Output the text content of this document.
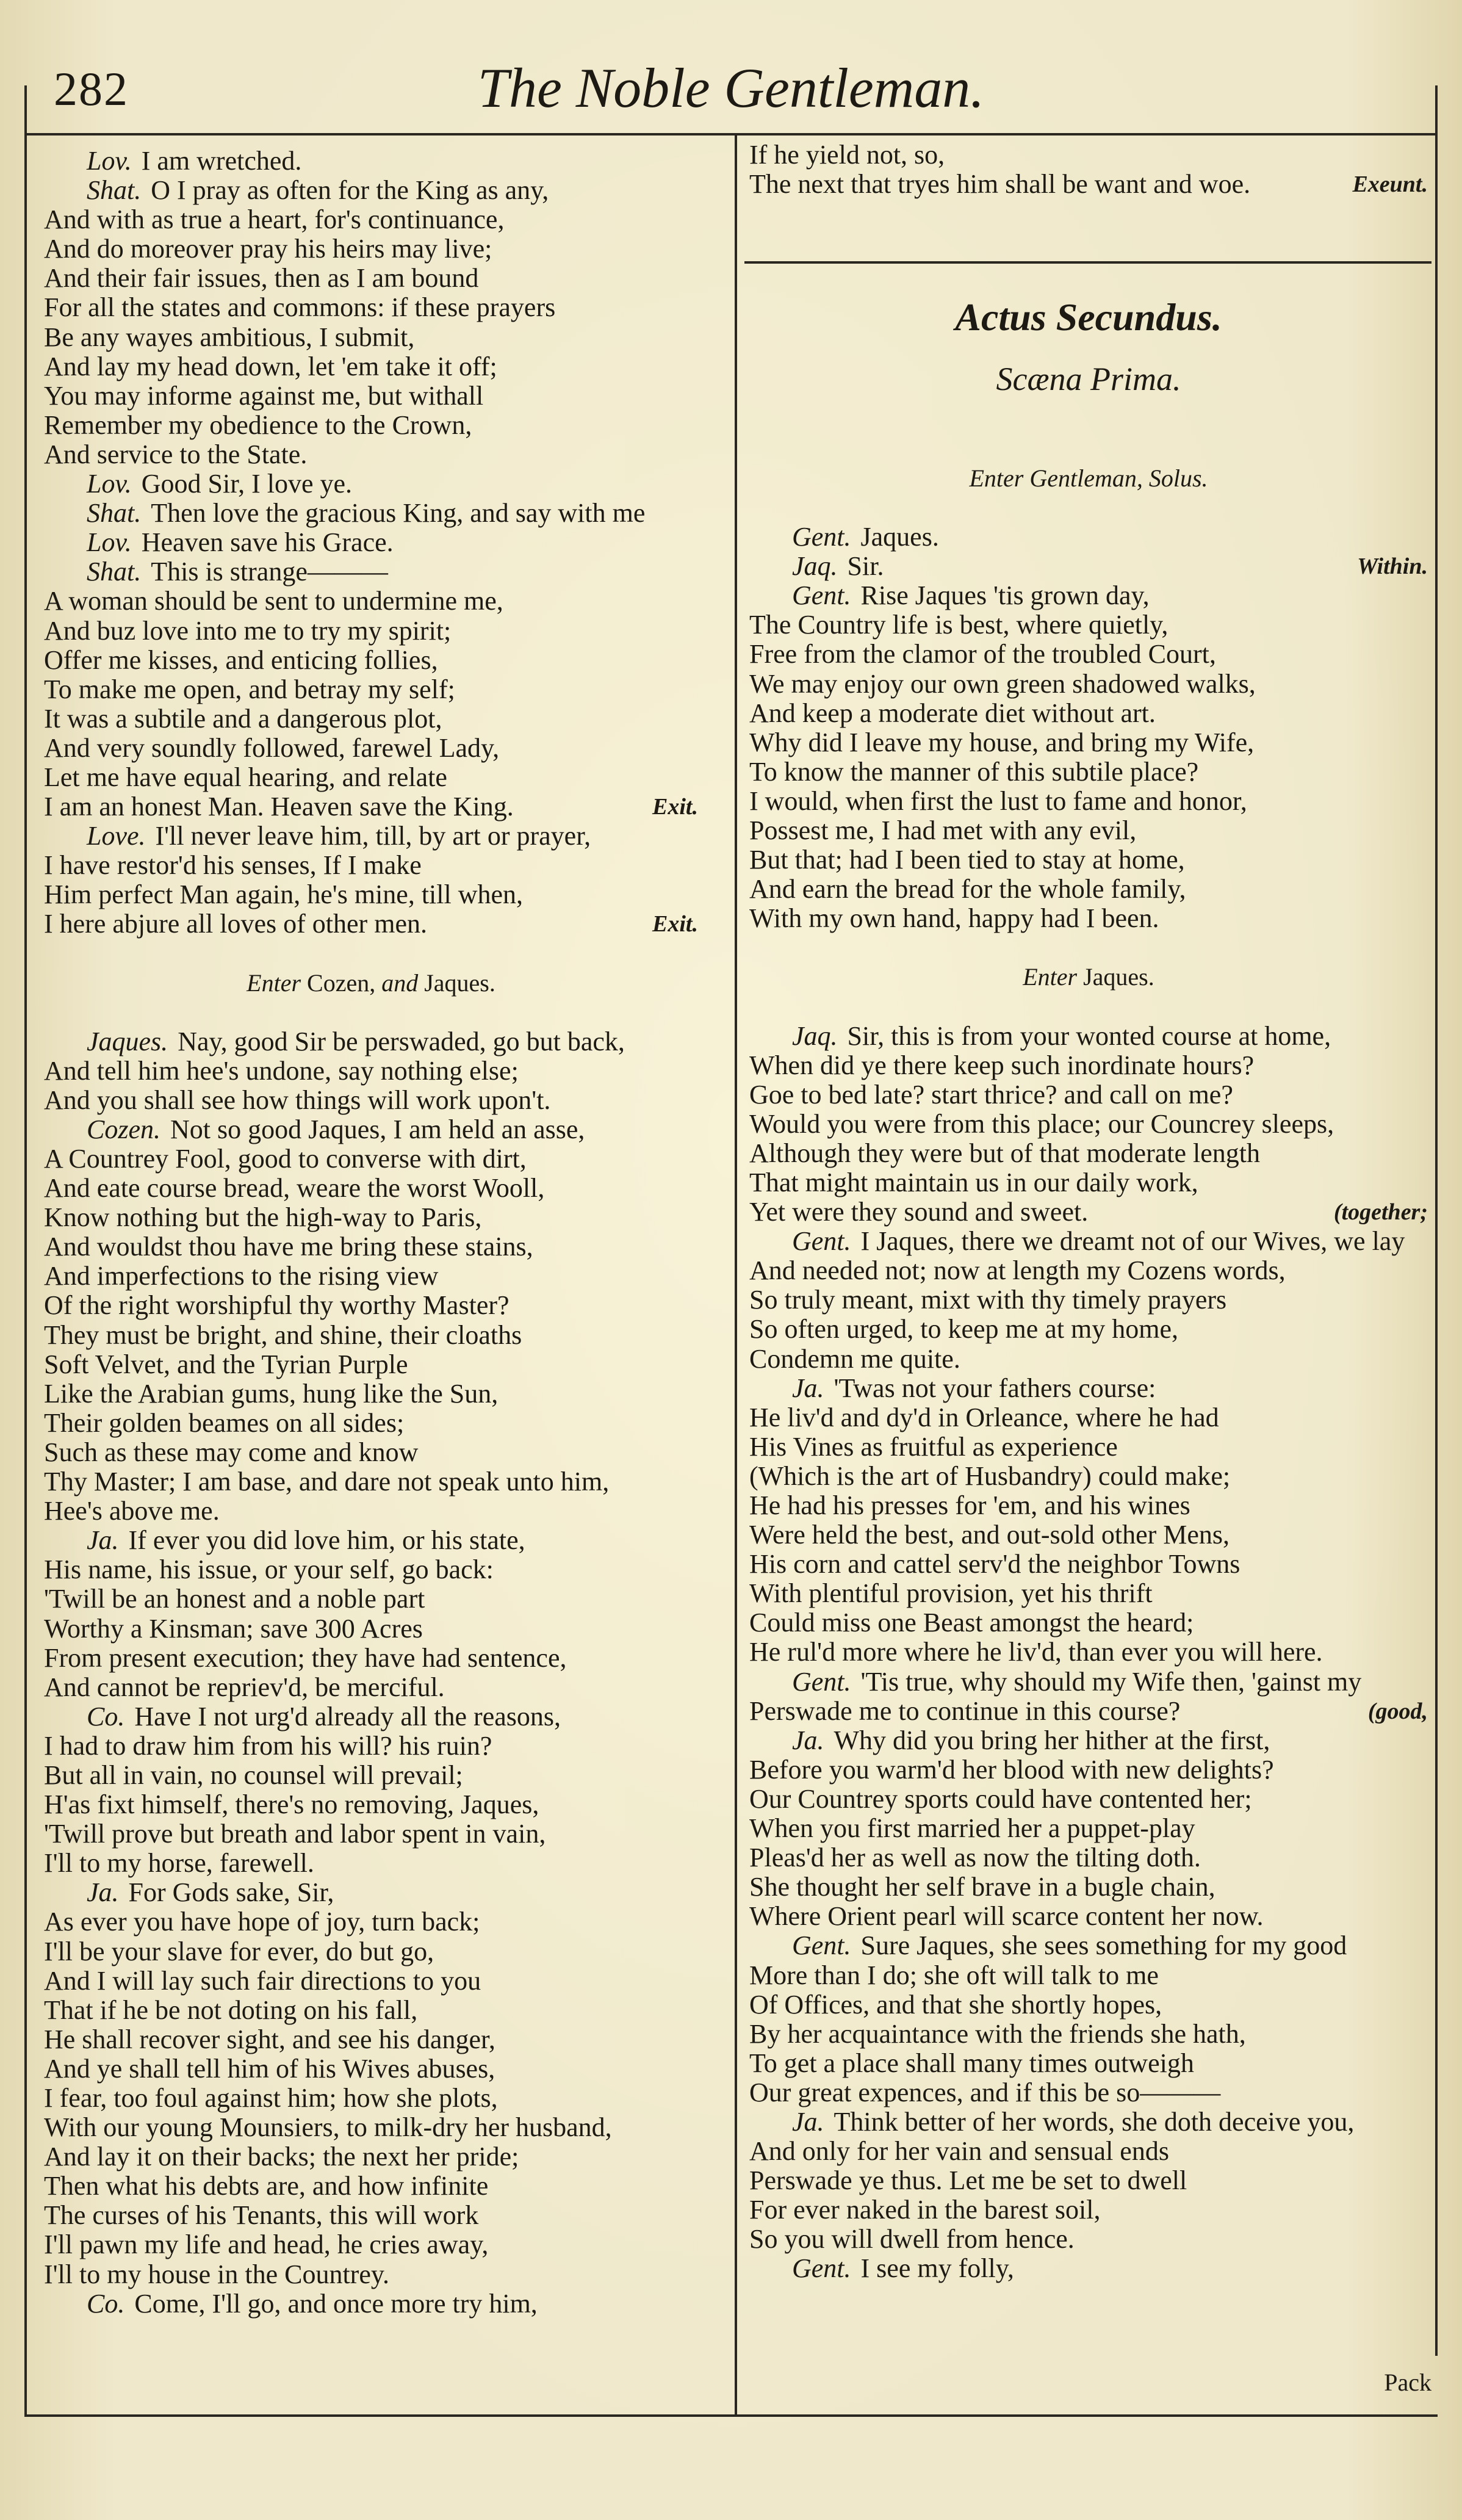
282	The Noble Gentleman.
Lov. I am wretched.
Shat. O I pray as often for the King as any,
And with as true a heart, for's continuance,
And do moreover pray his heirs may live;
And their fair issues, then as I am bound
For all the states and commons: if these prayers
Be any wayes ambitious, I submit,
And lay my head down, let 'em take it off;
You may informe against me, but withall
Remember my obedience to the Crown,
And service to the State.
Lov. Good Sir, I love ye.
Shat. Then love the gracious King, and say with me
Lov. Heaven save his Grace.
Shat. This is strange———
A woman should be sent to undermine me,
And buz love into me to try my spirit;
Offer me kisses, and enticing follies,
To make me open, and betray my self;
It was a subtile and a dangerous plot,
And very soundly followed, farewel Lady,
Let me have equal hearing, and relate
I am an honest Man. Heaven save the King.	Exit.
Love. I'll never leave him, till, by art or prayer,
I have restor'd his senses, If I make
Him perfect Man again, he's mine, till when,
I here abjure all loves of other men.	Exit.
Enter Cozen, and Jaques.
Jaques. Nay, good Sir be perswaded, go but back,
And tell him hee's undone, say nothing else;
And you shall see how things will work upon't.
Cozen. Not so good Jaques, I am held an asse,
A Countrey Fool, good to converse with dirt,
And eate course bread, weare the worst Wooll,
Know nothing but the high-way to Paris,
And wouldst thou have me bring these stains,
And imperfections to the rising view
Of the right worshipful thy worthy Master?
They must be bright, and shine, their cloaths
Soft Velvet, and the Tyrian Purple
Like the Arabian gums, hung like the Sun,
Their golden beames on all sides;
Such as these may come and know
Thy Master; I am base, and dare not speak unto him,
Hee's above me.
Ja. If ever you did love him, or his state,
His name, his issue, or your self, go back:
'Twill be an honest and a noble part
Worthy a Kinsman; save 300 Acres
From present execution; they have had sentence,
And cannot be repriev'd, be merciful.
Co. Have I not urg'd already all the reasons,
I had to draw him from his will? his ruin?
But all in vain, no counsel will prevail;
H'as fixt himself, there's no removing, Jaques,
'Twill prove but breath and labor spent in vain,
I'll to my horse, farewell.
Ja. For Gods sake, Sir,
As ever you have hope of joy, turn back;
I'll be your slave for ever, do but go,
And I will lay such fair directions to you
That if he be not doting on his fall,
He shall recover sight, and see his danger,
And ye shall tell him of his Wives abuses,
I fear, too foul against him; how she plots,
With our young Mounsiers, to milk-dry her husband,
And lay it on their backs; the next her pride;
Then what his debts are, and how infinite
The curses of his Tenants, this will work
I'll pawn my life and head, he cries away,
I'll to my house in the Countrey.
Co. Come, I'll go, and once more try him,
If he yield not, so,
The next that tryes him shall be want and woe.	Exeunt.
Actus Secundus.
Scæna Prima.
Enter Gentleman, Solus.
Gent. Jaques.
Jaq. Sir.	Within.
Gent. Rise Jaques 'tis grown day,
The Country life is best, where quietly,
Free from the clamor of the troubled Court,
We may enjoy our own green shadowed walks,
And keep a moderate diet without art.
Why did I leave my house, and bring my Wife,
To know the manner of this subtile place?
I would, when first the lust to fame and honor,
Possest me, I had met with any evil,
But that; had I been tied to stay at home,
And earn the bread for the whole family,
With my own hand, happy had I been.
Enter Jaques.
Jaq. Sir, this is from your wonted course at home,
When did ye there keep such inordinate hours?
Goe to bed late? start thrice? and call on me?
Would you were from this place; our Councrey sleeps,
Although they were but of that moderate length
That might maintain us in our daily work,
Yet were they sound and sweet.	(together;
Gent. I Jaques, there we dreamt not of our Wives, we lay
And needed not; now at length my Cozens words,
So truly meant, mixt with thy timely prayers
So often urged, to keep me at my home,
Condemn me quite.
Ja. 'Twas not your fathers course:
He liv'd and dy'd in Orleance, where he had
His Vines as fruitful as experience
(Which is the art of Husbandry) could make;
He had his presses for 'em, and his wines
Were held the best, and out-sold other Mens,
His corn and cattel serv'd the neighbor Towns
With plentiful provision, yet his thrift
Could miss one Beast amongst the heard;
He rul'd more where he liv'd, than ever you will here.
Gent. 'Tis true, why should my Wife then, 'gainst my
Perswade me to continue in this course?	(good,
Ja. Why did you bring her hither at the first,
Before you warm'd her blood with new delights?
Our Countrey sports could have contented her;
When you first married her a puppet-play
Pleas'd her as well as now the tilting doth.
She thought her self brave in a bugle chain,
Where Orient pearl will scarce content her now.
Gent. Sure Jaques, she sees something for my good
More than I do; she oft will talk to me
Of Offices, and that she shortly hopes,
By her acquaintance with the friends she hath,
To get a place shall many times outweigh
Our great expences, and if this be so———
Ja. Think better of her words, she doth deceive you,
And only for her vain and sensual ends
Perswade ye thus. Let me be set to dwell
For ever naked in the barest soil,
So you will dwell from hence.
Gent. I see my folly,
Pack
